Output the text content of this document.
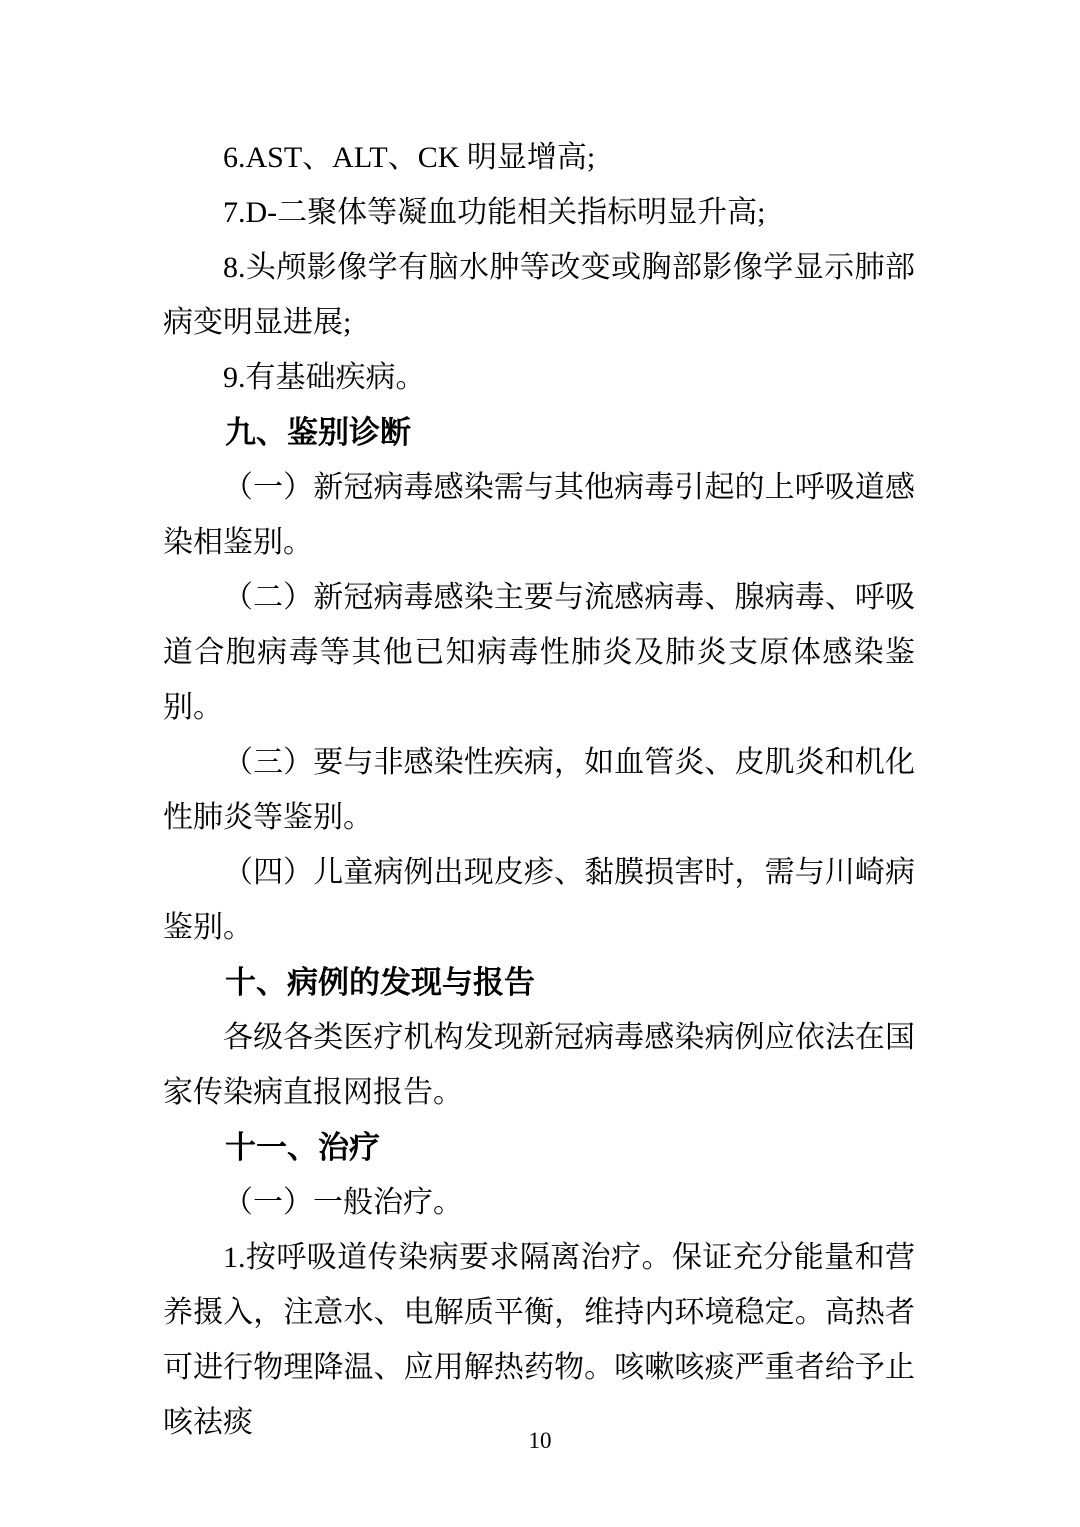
6.AST、ALT、CK 明显增高;

7.D-二聚体等凝血功能相关指标明显升高;

8.头颅影像学有脑水肿等改变或胸部影像学显示肺部病变明显进展;

9.有基础疾病。

九、鉴别诊断

（一）新冠病毒感染需与其他病毒引起的上呼吸道感染相鉴别。

（二）新冠病毒感染主要与流感病毒、腺病毒、呼吸道合胞病毒等其他已知病毒性肺炎及肺炎支原体感染鉴别。

（三）要与非感染性疾病，如血管炎、皮肌炎和机化性肺炎等鉴别。

（四）儿童病例出现皮疹、黏膜损害时，需与川崎病鉴别。

十、病例的发现与报告

各级各类医疗机构发现新冠病毒感染病例应依法在国家传染病直报网报告。

十一、治疗

（一）一般治疗。

1.按呼吸道传染病要求隔离治疗。保证充分能量和营养摄入，注意水、电解质平衡，维持内环境稳定。高热者可进行物理降温、应用解热药物。咳嗽咳痰严重者给予止咳祛痰

10
